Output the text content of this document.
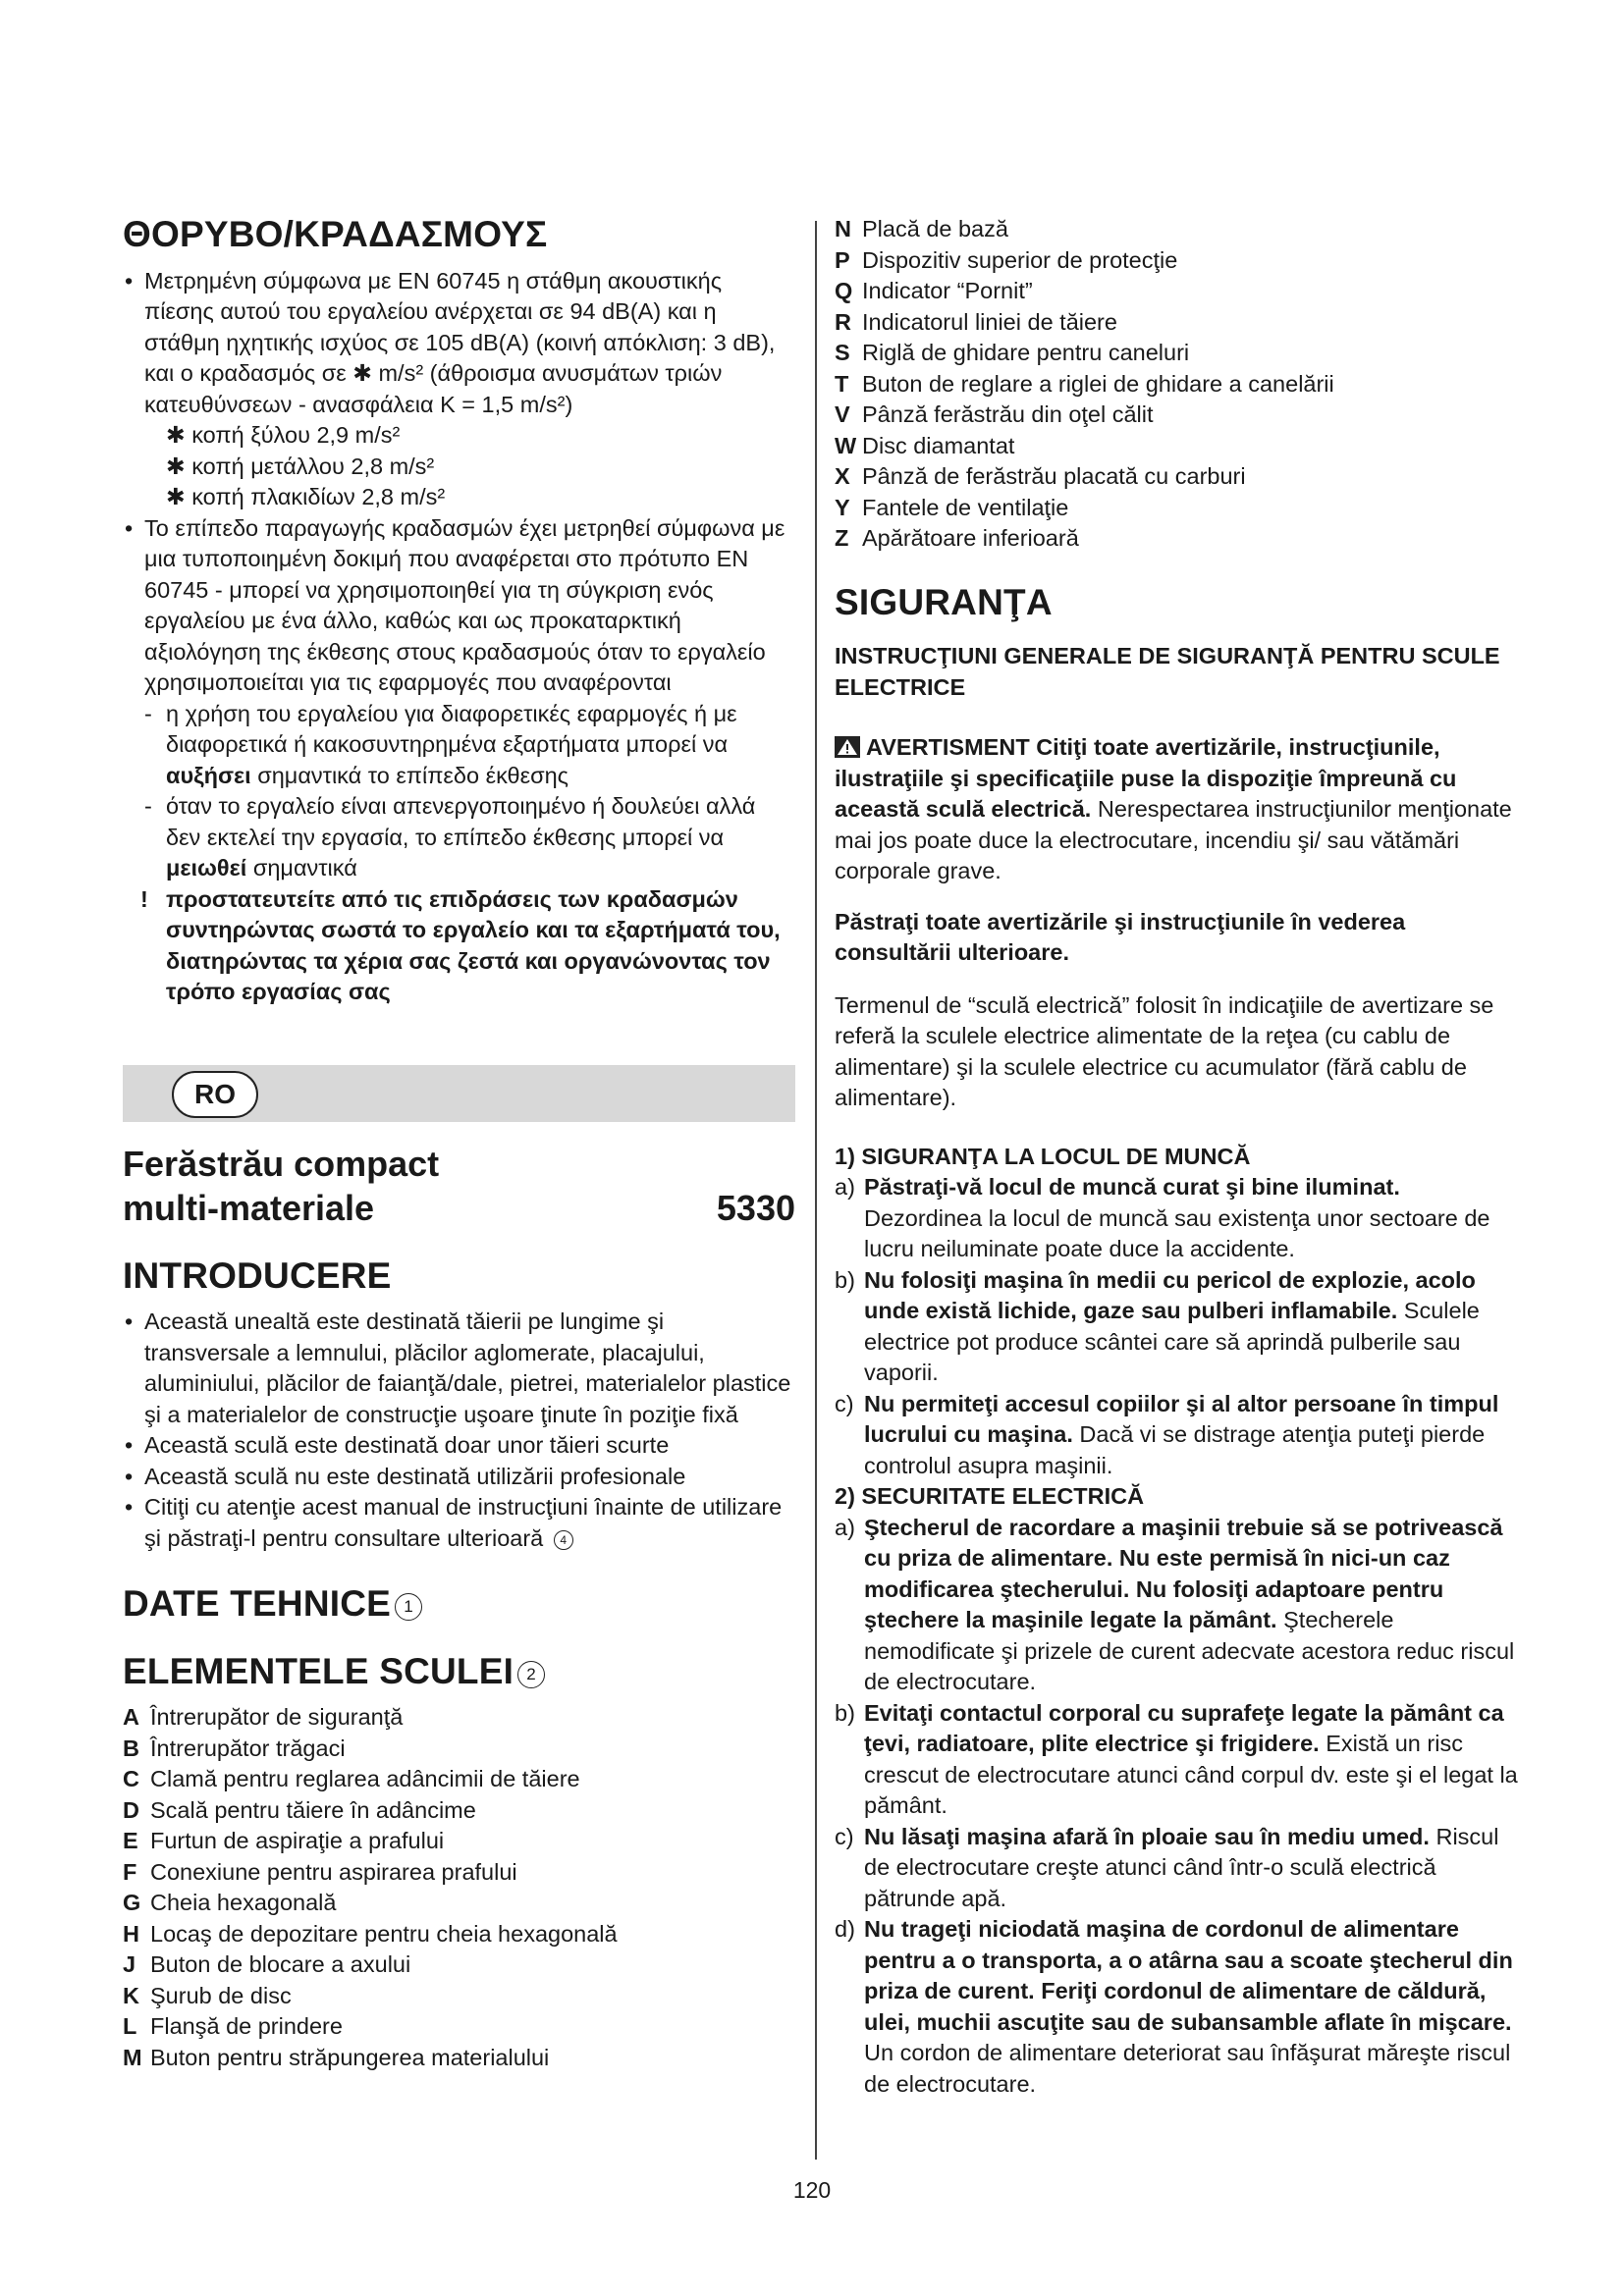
ΘΟΡΥΒΟ/ΚΡΑΔΑΣΜΟΥΣ
• Μετρημένη σύμφωνα με EN 60745 η στάθμη ακουστικής πίεσης αυτού του εργαλείου ανέρχεται σε 94 dB(A) και η στάθμη ηχητικής ισχύος σε 105 dB(A) (κοινή απόκλιση: 3 dB), και ο κραδασμός σε ✱ m/s² (άθροισμα ανυσμάτων τριών κατευθύνσεων - ανασφάλεια K = 1,5 m/s²)
✱ κοπή ξύλου 2,9 m/s²
✱ κοπή μετάλλου 2,8 m/s²
✱ κοπή πλακιδίων 2,8 m/s²
• Το επίπεδο παραγωγής κραδασμών έχει μετρηθεί σύμφωνα με μια τυποποιημένη δοκιμή που αναφέρεται στο πρότυπο EN 60745 - μπορεί να χρησιμοποιηθεί για τη σύγκριση ενός εργαλείου με ένα άλλο, καθώς και ως προκαταρκτική αξιολόγηση της έκθεσης στους κραδασμούς όταν το εργαλείο χρησιμοποιείται για τις εφαρμογές που αναφέρονται
- η χρήση του εργαλείου για διαφορετικές εφαρμογές ή με διαφορετικά ή κακοσυντηρημένα εξαρτήματα μπορεί να αυξήσει σημαντικά το επίπεδο έκθεσης
- όταν το εργαλείο είναι απενεργοποιημένο ή δουλεύει αλλά δεν εκτελεί την εργασία, το επίπεδο έκθεσης μπορεί να μειωθεί σημαντικά
! προστατευτείτε από τις επιδράσεις των κραδασμών συντηρώντας σωστά το εργαλείο και τα εξαρτήματά του, διατηρώντας τα χέρια σας ζεστά και οργανώνοντας τον τρόπο εργασίας σας
RO
Ferăstrău compact
multi-materiale	5330
INTRODUCERE
• Această unealtă este destinată tăierii pe lungime şi transversale a lemnului, plăcilor aglomerate, placajului, aluminiului, plăcilor de faianţă/dale, pietrei, materialelor plastice şi a materialelor de construcţie uşoare ţinute în poziţie fixă
• Această sculă este destinată doar unor tăieri scurte
• Această sculă nu este destinată utilizării profesionale
• Citiţi cu atenţie acest manual de instrucţiuni înainte de utilizare şi păstraţi-l pentru consultare ulterioară 4
DATE TEHNICE 1
ELEMENTELE SCULEI 2
A Întrerupător de siguranţă
B Întrerupător trăgaci
C Clamă pentru reglarea adâncimii de tăiere
D Scală pentru tăiere în adâncime
E Furtun de aspiraţie a prafului
F Conexiune pentru aspirarea prafului
G Cheia hexagonală
H Locaş de depozitare pentru cheia hexagonală
J Buton de blocare a axului
K Şurub de disc
L Flanşă de prindere
M Buton pentru străpungerea materialului
N Placă de bază
P Dispozitiv superior de protecţie
Q Indicator “Pornit”
R Indicatorul liniei de tăiere
S Riglă de ghidare pentru caneluri
T Buton de reglare a riglei de ghidare a canelării
V Pânză ferăstrău din oţel călit
W Disc diamantat
X Pânză de ferăstrău placată cu carburi
Y Fantele de ventilaţie
Z Apărătoare inferioară
SIGURANŢA
INSTRUCŢIUNI GENERALE DE SIGURANŢĂ PENTRU SCULE ELECTRICE
AVERTISMENT Citiţi toate avertizările, instrucţiunile, ilustraţiile şi specificaţiile puse la dispoziţie împreună cu această sculă electrică. Nerespectarea instrucţiunilor menţionate mai jos poate duce la electrocutare, incendiu şi/ sau vătămări corporale grave.
Păstraţi toate avertizările şi instrucţiunile în vederea consultării ulterioare.
Termenul de “sculă electrică” folosit în indicaţiile de avertizare se referă la sculele electrice alimentate de la reţea (cu cablu de alimentare) şi la sculele electrice cu acumulator (fără cablu de alimentare).
1) SIGURANŢA LA LOCUL DE MUNCĂ
a) Păstraţi-vă locul de muncă curat şi bine iluminat. Dezordinea la locul de muncă sau existenţa unor sectoare de lucru neiluminate poate duce la accidente.
b) Nu folosiţi maşina în medii cu pericol de explozie, acolo unde există lichide, gaze sau pulberi inflamabile. Sculele electrice pot produce scântei care să aprindă pulberile sau vaporii.
c) Nu permiteţi accesul copiilor şi al altor persoane în timpul lucrului cu maşina. Dacă vi se distrage atenţia puteţi pierde controlul asupra maşinii.
2) SECURITATE ELECTRICĂ
a) Ştecherul de racordare a maşinii trebuie să se potrivească cu priza de alimentare. Nu este permisă în nici-un caz modificarea ştecherului. Nu folosiţi adaptoare pentru ştechere la maşinile legate la pământ. Ştecherele nemodificate şi prizele de curent adecvate acestora reduc riscul de electrocutare.
b) Evitaţi contactul corporal cu suprafeţe legate la pământ ca ţevi, radiatoare, plite electrice şi frigidere. Există un risc crescut de electrocutare atunci când corpul dv. este şi el legat la pământ.
c) Nu lăsaţi maşina afară în ploaie sau în mediu umed. Riscul de electrocutare creşte atunci când într-o sculă electrică pătrunde apă.
d) Nu trageţi niciodată maşina de cordonul de alimentare pentru a o transporta, a o atârna sau a scoate ştecherul din priza de curent. Feriţi cordonul de alimentare de căldură, ulei, muchii ascuţite sau de subansamble aflate în mişcare. Un cordon de alimentare deteriorat sau înfăşurat măreşte riscul de electrocutare.
120
